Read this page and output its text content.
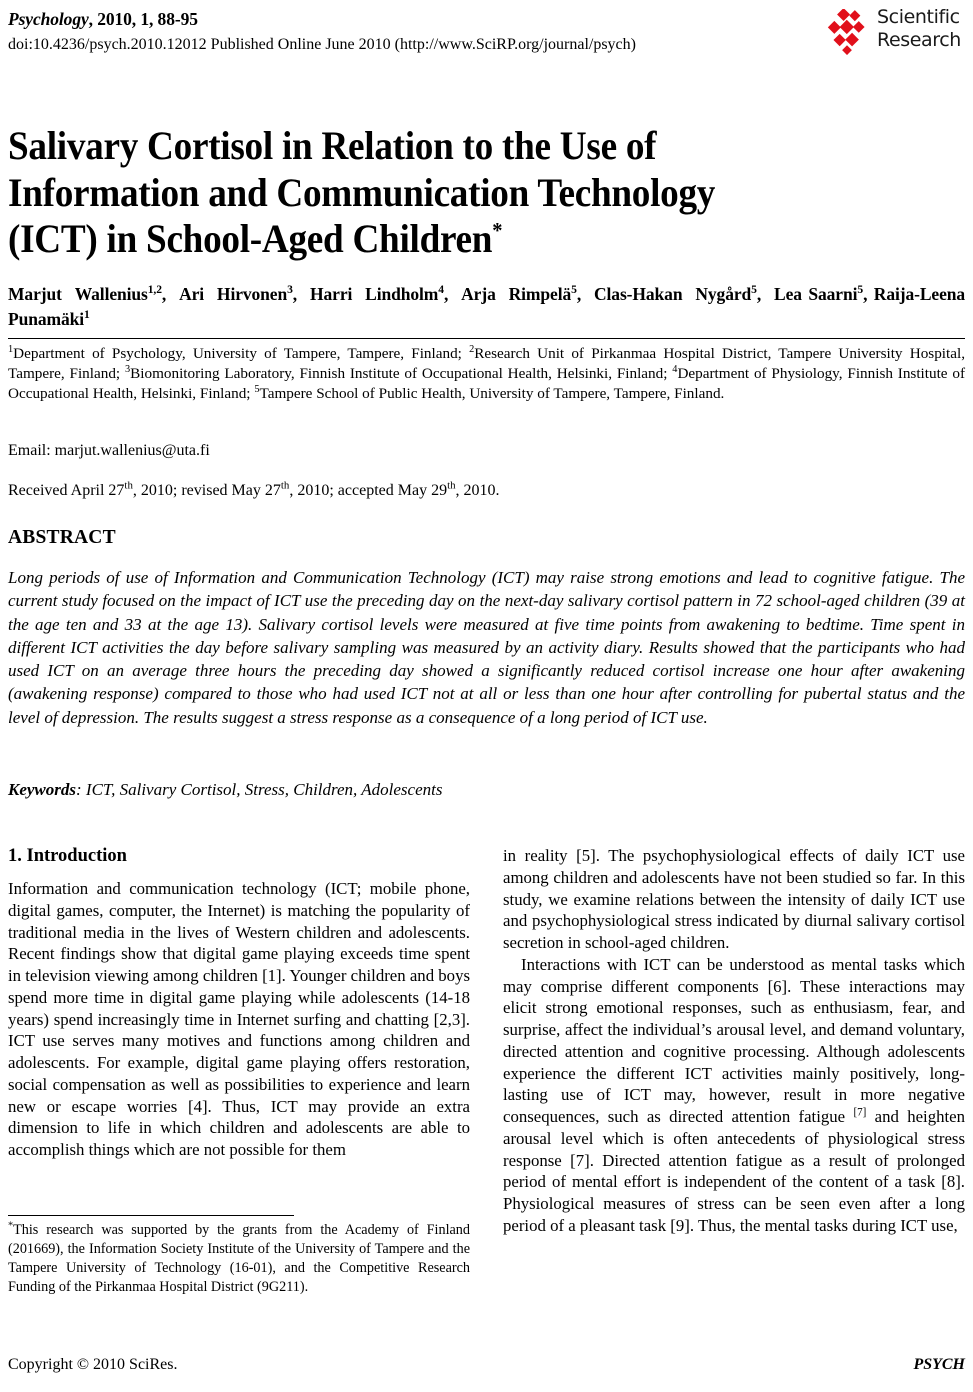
Psychology, 2010, 1, 88-95
doi:10.4236/psych.2010.12012 Published Online June 2010 (http://www.SciRP.org/journal/psych)
Scientific
Research
Salivary Cortisol in Relation to the Use of
Information and Communication Technology
(ICT) in School-Aged Children*
Marjut  Wallenius$^{1,2}$,  Ari  Hirvonen$^3$,  Harri  Lindholm$^4$,  Arja  Rimpelä$^5$,  Clas-Hakan  Nygård$^5$,  Lea Saarni$^5$, Raija-Leena Punamäki$^1$
$^1$Department of Psychology, University of Tampere, Tampere, Finland; $^2$Research Unit of Pirkanmaa Hospital District, Tampere University Hospital, Tampere, Finland; $^3$Biomonitoring Laboratory, Finnish Institute of Occupational Health, Helsinki, Finland; $^4$Department of Physiology, Finnish Institute of Occupational Health, Helsinki, Finland; $^5$Tampere School of Public Health, University of Tampere, Tampere, Finland.
Email: marjut.wallenius@uta.fi
Received April 27th, 2010; revised May 27th, 2010; accepted May 29th, 2010.
ABSTRACT
Long periods of use of Information and Communication Technology (ICT) may raise strong emotions and lead to cognitive fatigue. The current study focused on the impact of ICT use the preceding day on the next-day salivary cortisol pattern in 72 school-aged children (39 at the age ten and 33 at the age 13). Salivary cortisol levels were measured at five time points from awakening to bedtime. Time spent in different ICT activities the day before salivary sampling was measured by an activity diary. Results showed that the participants who had used ICT on an average three hours the preceding day showed a significantly reduced cortisol increase one hour after awakening (awakening response) compared to those who had used ICT not at all or less than one hour after controlling for pubertal status and the level of depression. The results suggest a stress response as a consequence of a long period of ICT use.
Keywords: ICT, Salivary Cortisol, Stress, Children, Adolescents
1. Introduction

Information and communication technology (ICT; mobile phone, digital games, computer, the Internet) is matching the popularity of traditional media in the lives of Western children and adolescents. Recent findings show that digital game playing exceeds time spent in television viewing among children [1]. Younger children and boys spend more time in digital game playing while adolescents (14-18 years) spend increasingly time in Internet surfing and chatting [2,3]. ICT use serves many motives and functions among children and adolescents. For example, digital game playing offers restoration, social compensation as well as possibilities to experience and learn new or escape worries [4]. Thus, ICT may provide an extra dimension to life in which children and adolescents are able to accomplish things which are not possible for them

in reality [5]. The psychophysiological effects of daily ICT use among children and adolescents have not been studied so far. In this study, we examine relations between the intensity of daily ICT use and psychophysiological stress indicated by diurnal salivary cortisol secretion in school-aged children.

Interactions with ICT can be understood as mental tasks which may comprise different components [6]. These interactions may elicit strong emotional responses, such as enthusiasm, fear, and surprise, affect the individual’s arousal level, and demand voluntary, directed attention and cognitive processing. Although adolescents experience the different ICT activities mainly positively, long-lasting use of ICT may, however, result in more negative consequences, such as directed attention fatigue [7] and heighten arousal level which is often antecedents of physiological stress response [7]. Directed attention fatigue as a result of prolonged period of mental effort is independent of the content of a task [8]. Physiological measures of stress can be seen even after a long period of a pleasant task [9]. Thus, the mental tasks during ICT use,

*This research was supported by the grants from the Academy of Finland (201669), the Information Society Institute of the University of Tampere and the Tampere University of Technology (16-01), and the Competitive Research Funding of the Pirkanmaa Hospital District (9G211).
Copyright © 2010 SciRes.	PSYCH
